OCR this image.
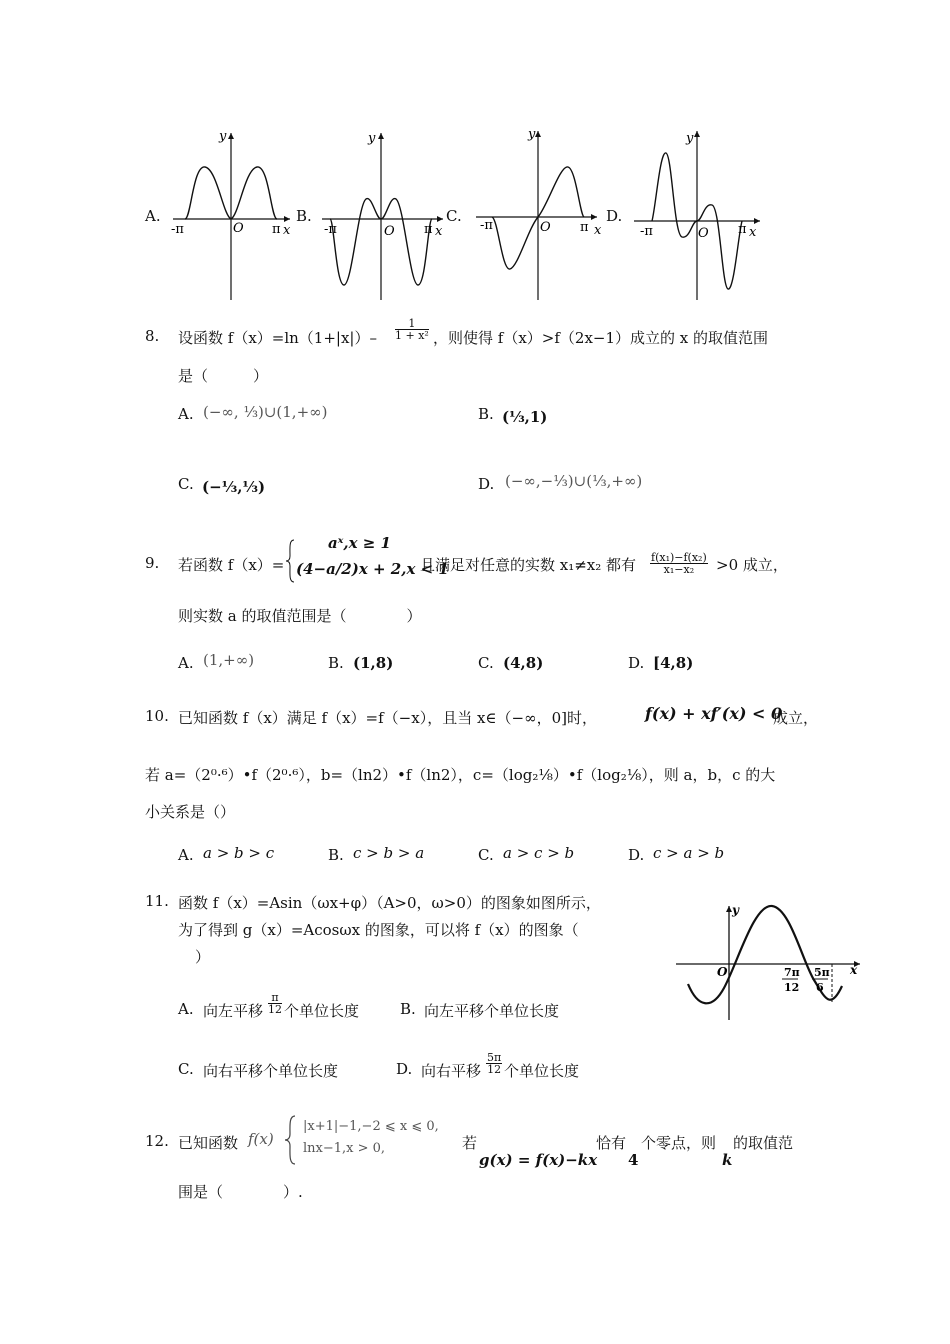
A.	B.	C.	D.
-π	O π x
y
-π	O π x
y
-π	O π x
y
-π	O π x
y
8. 设函数 $f(x)=\ln(1+|x|)- \frac{1}{\text{1 + x²}}$ ，则使得 f（x）>f（2x−1）成立的 x 的取值范围
是（　　　）
A. (−∞, ⅓)∪(1,+∞)	B. (⅓,1)
C. (−⅓,⅓)	D. (−∞,−⅓)∪(⅓,+∞)
9. 若函数 f（x）=
aˣ,x ≥ 1
(4−a/2)x + 2,x < 1
且满足对任意的实数 x₁≠x₂ 都有 $\frac{\text{f(x₁)−f(x₂)}}{\text{x₁−x₂}} >0$ 成立，
则实数 a 的取值范围是（　　　　）
A. (1,+∞)	B. (1,8)	C. (4,8)	D. [4,8)
10. 已知函数 f（x）满足 f（x）=f（−x），且当 x∈（−∞，0]时，	f(x) + xf′(x) < 0
成立，
若 a=（2⁰·⁶）•f（2⁰·⁶），b=（ln2）•f（ln2），c=（log₂⅛）•f（log₂⅛），则 a，b，c 的大
小关系是（）
A. a > b > c	B. c > b > a	C. a > c > b	D. c > a > b
11. 函数 f（x）=Asin（ωx+φ）（A>0，ω>0）的图象如图所示，
为了得到 g（x）=Acosωx 的图象，可以将 f（x）的图象（
）
y
O	x
7π
12
5π
6
A. 向左平移 $\frac{\pi}{12}$ 个单位长度	B. 向左平移个单位长度
C. 向右平移个单位长度	D. 向右平移 $\frac{5\pi}{12}$ 个单位长度
12. 已知函数 f(x)
|x+1|−1,−2 ⩽ x ⩽ 0,
lnx−1,x > 0,	若
g(x) = f(x)−kx
恰有
4
个零点，则
k
的取值范
围是（　　　　）.
